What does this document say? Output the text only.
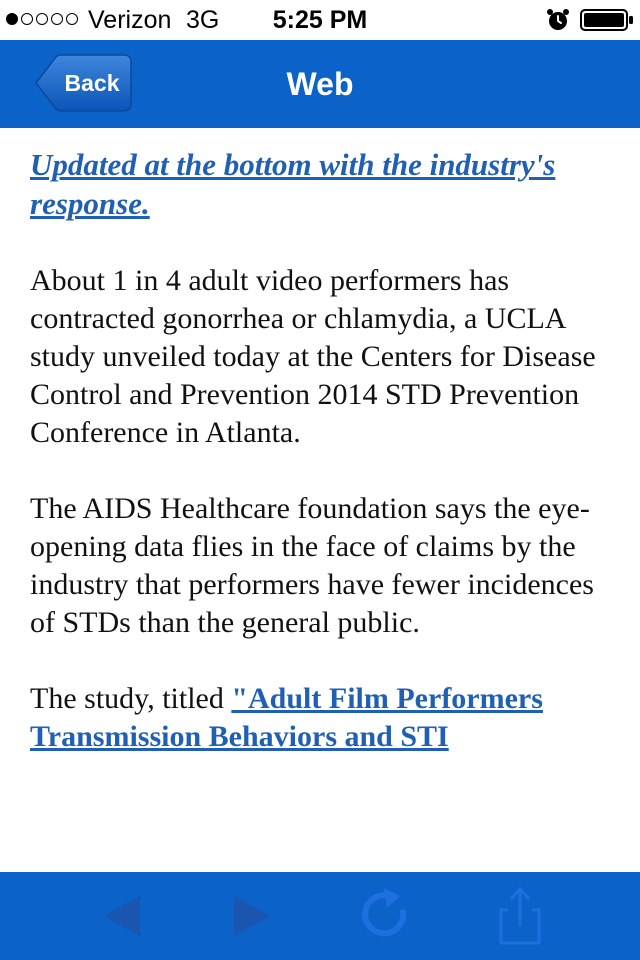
Verizon 3G	5:25 PM
Web
Back

Updated at the bottom with the industry's response.

About 1 in 4 adult video performers has contracted gonorrhea or chlamydia, a UCLA study unveiled today at the Centers for Disease Control and Prevention 2014 STD Prevention Conference in Atlanta.

The AIDS Healthcare foundation says the eye-opening data flies in the face of claims by the industry that performers have fewer incidences of STDs than the general public.

The study, titled "Adult Film Performers Transmission Behaviors and STI
